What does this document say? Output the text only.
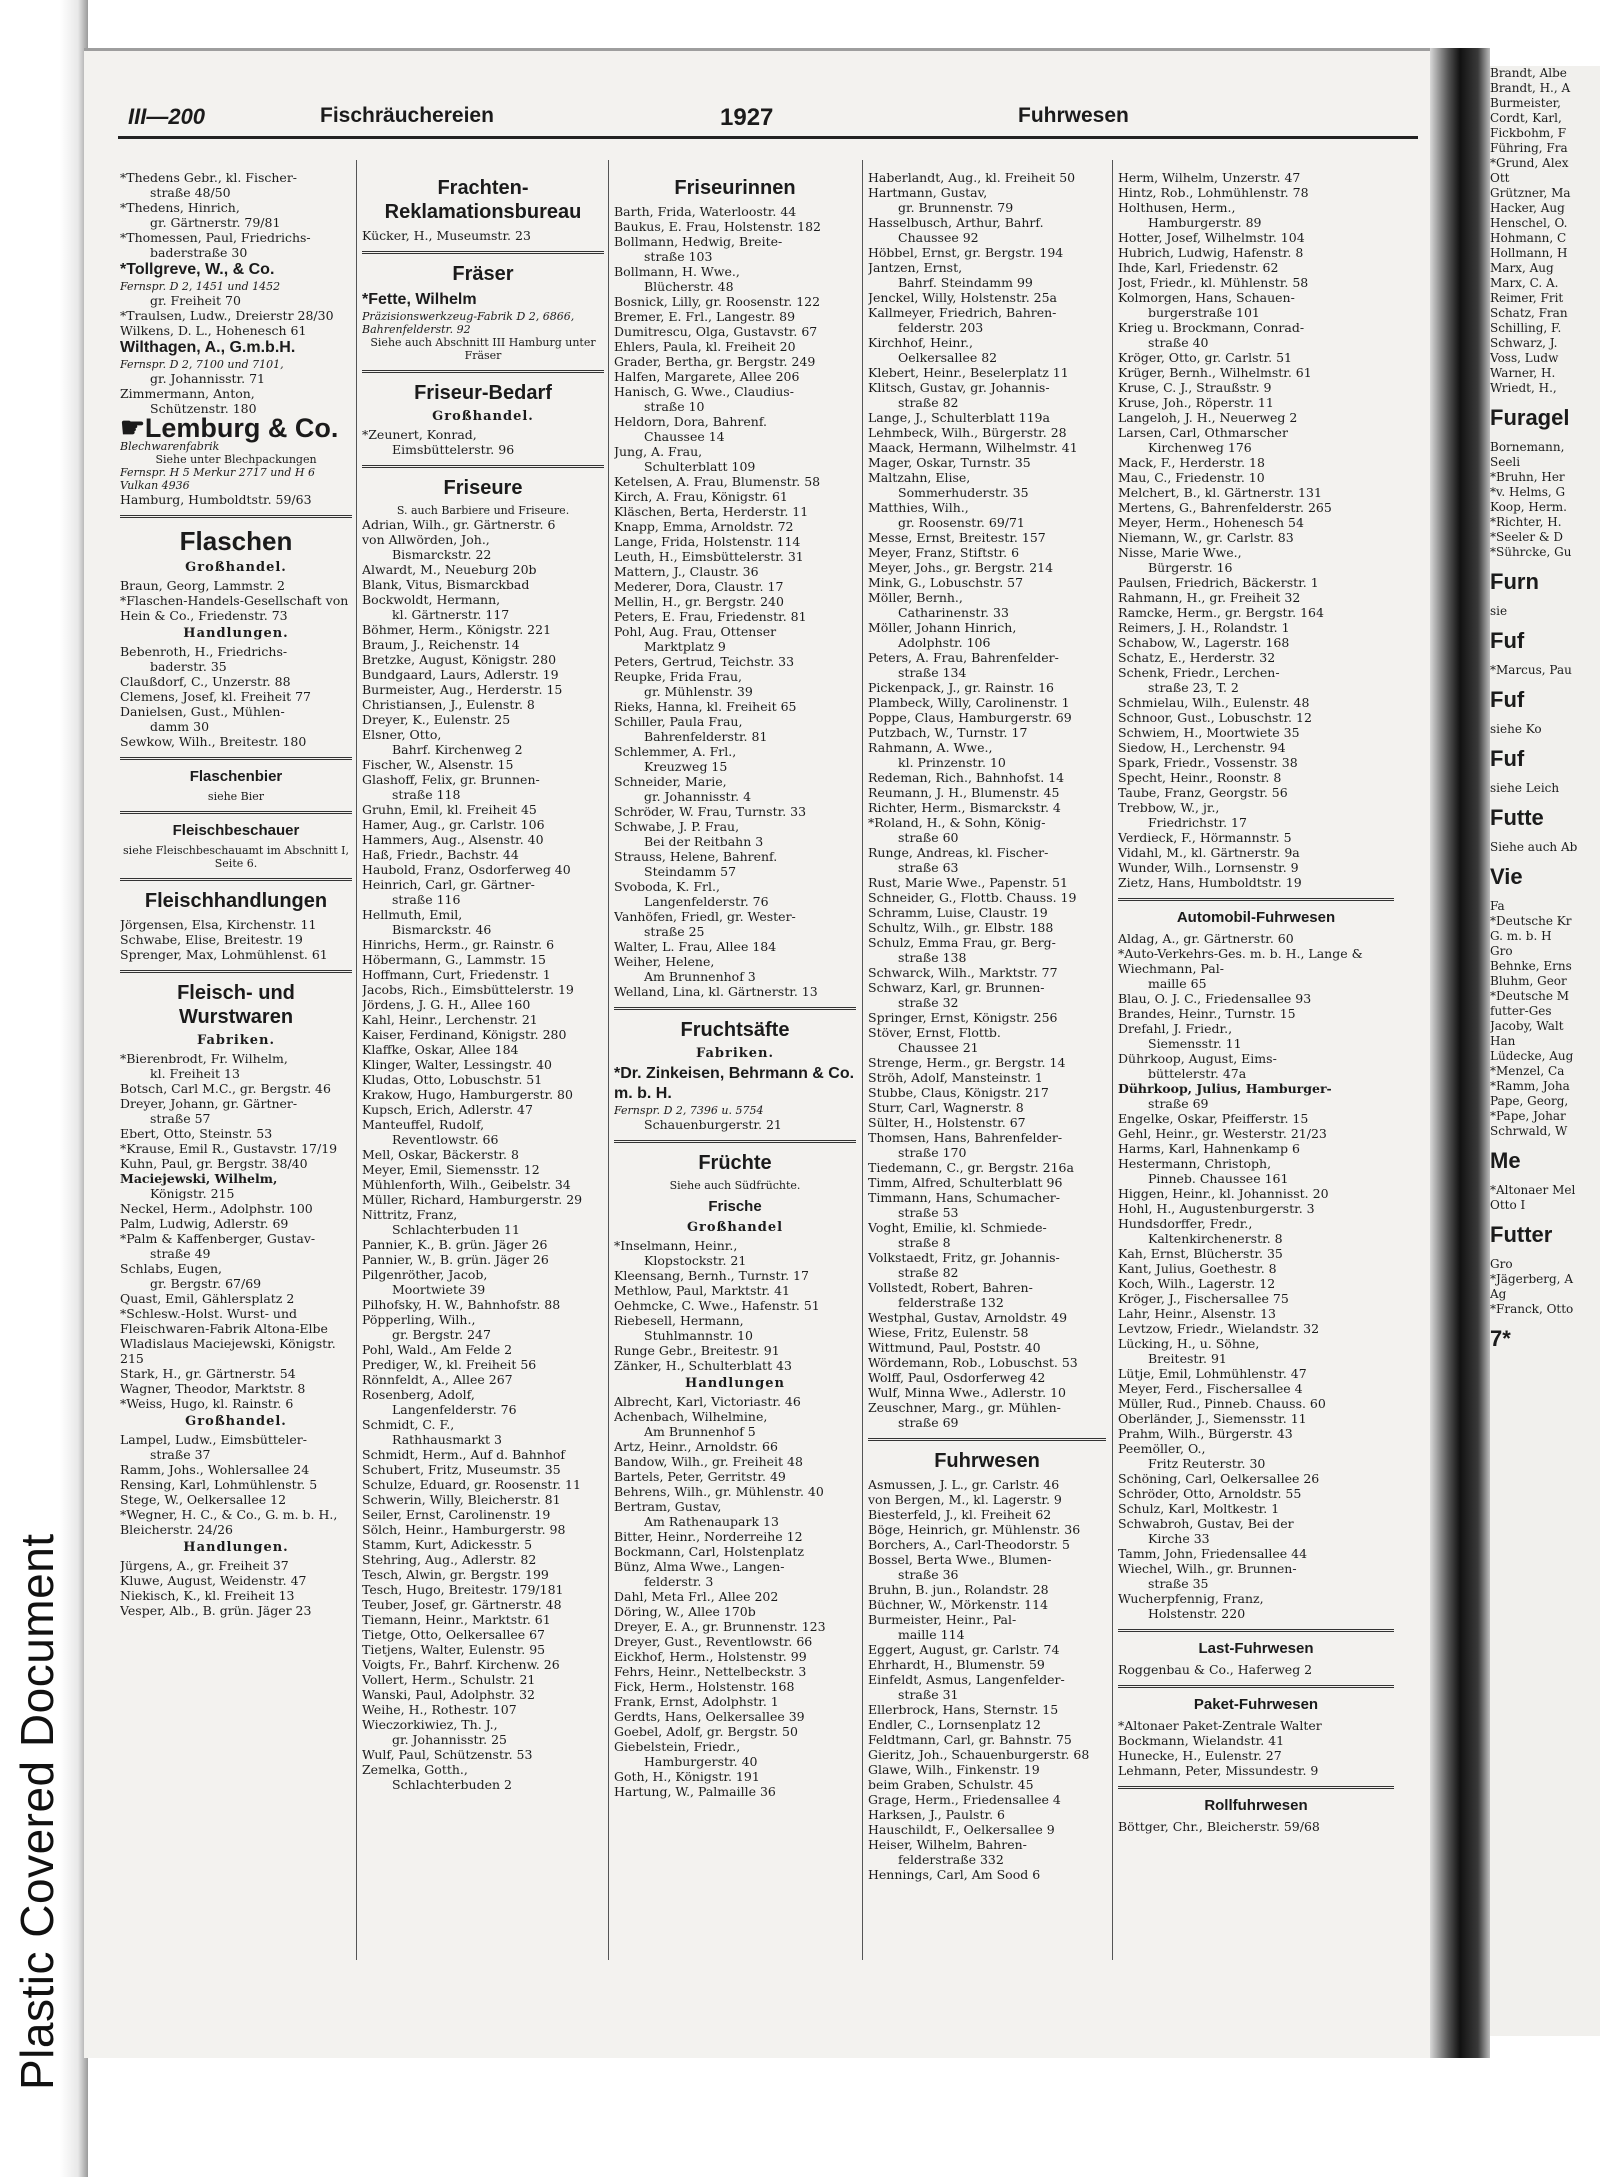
Brandt, Albe
Brandt, H., A
Burmeister,
Cordt, Karl,
Fickbohm, F
Führing, Fra
*Grund, Alex
Ott
Grützner, Ma
Hacker, Aug
Henschel, O.
Hohmann, C
Hollmann, H
Marx, Aug
Marx, C. A.
Reimer, Frit
Schatz, Fran
Schilling, F.
Schwarz, J.
Voss, Ludw
Warner, H.
Wriedt, H.,
Furagel
Bornemann,
Seeli
*Bruhn, Her
*v. Helms, G
Koop, Herm.
*Richter, H.
*Seeler & D
*Sührcke, Gu
Furn
sie
Fuf
*Marcus, Pau
Fuf
siehe Ko
Fuf
siehe Leich
Futte
Siehe auch Ab
Vie
Fa
*Deutsche Kr
G. m. b. H
Gro
Behnke, Erns
Bluhm, Geor
*Deutsche M
futter-Ges
Jacoby, Walt
Han
Lüdecke, Aug
*Menzel, Ca
*Ramm, Joha
Pape, Georg,
*Pape, Johar
Schrwald, W
Me
*Altonaer Mel
Otto I
Futter
Gro
*Jägerberg, A
Ag
*Franck, Otto
7*
Plastic Covered Document
III—200	Fischräuchereien	1927	Fuhrwesen
*Thedens Gebr., kl. Fischer-
straße 48/50
*Thedens, Hinrich,
gr. Gärtnerstr. 79/81
*Thomessen, Paul, Friedrichs-
baderstraße 30
*Tollgreve, W., & Co.
Fernspr. D 2, 1451 und 1452
gr. Freiheit 70
*Traulsen, Ludw., Dreierstr 28/30
Wilkens, D. L., Hohenesch 61
Wilthagen, A., G.m.b.H.
Fernspr. D 2, 7100 und 7101,
gr. Johannisstr. 71
Zimmermann, Anton,
Schützenstr. 180
☛ Lemburg & Co.
Blechwarenfabrik
Siehe unter Blechpackungen
Fernspr. H 5 Merkur 2717 und H 6 Vulkan 4936
Hamburg, Humboldtstr. 59/63
Flaschen
Großhandel.
Braun, Georg, Lammstr. 2
*Flaschen-Handels-Gesellschaft von Hein & Co., Friedenstr. 73
Handlungen.
Bebenroth, H., Friedrichs-
baderstr. 35
Claußdorf, C., Unzerstr. 88
Clemens, Josef, kl. Freiheit 77
Danielsen, Gust., Mühlen-
damm 30
Sewkow, Wilh., Breitestr. 180
Flaschenbier
siehe Bier
Fleischbeschauer
siehe Fleischbeschauamt im Abschnitt I, Seite 6.
Fleischhandlungen
Jörgensen, Elsa, Kirchenstr. 11
Schwabe, Elise, Breitestr. 19
Sprenger, Max, Lohmühlenst. 61
Fleisch- und Wurstwaren
Fabriken.
*Bierenbrodt, Fr. Wilhelm,
kl. Freiheit 13
Botsch, Carl M.C., gr. Bergstr. 46
Dreyer, Johann, gr. Gärtner-
straße 57
Ebert, Otto, Steinstr. 53
*Krause, Emil R., Gustavstr. 17/19
Kuhn, Paul, gr. Bergstr. 38/40
Maciejewski, Wilhelm,
Königstr. 215
Neckel, Herm., Adolphstr. 100
Palm, Ludwig, Adlerstr. 69
*Palm & Kaffenberger, Gustav-
straße 49
Schlabs, Eugen,
gr. Bergstr. 67/69
Quast, Emil, Gählersplatz 2
*Schlesw.-Holst. Wurst- und Fleischwaren-Fabrik Altona-Elbe Wladislaus Maciejewski, Königstr. 215
Stark, H., gr. Gärtnerstr. 54
Wagner, Theodor, Marktstr. 8
*Weiss, Hugo, kl. Rainstr. 6
Großhandel.
Lampel, Ludw., Eimsbütteler-
straße 37
Ramm, Johs., Wohlersallee 24
Rensing, Karl, Lohmühlenstr. 5
Stege, W., Oelkersallee 12
*Wegner, H. C., & Co., G. m. b. H., Bleicherstr. 24/26
Handlungen.
Jürgens, A., gr. Freiheit 37
Kluwe, August, Weidenstr. 47
Niekisch, K., kl. Freiheit 13
Vesper, Alb., B. grün. Jäger 23
Frachten-Reklamationsbureau
Kücker, H., Museumstr. 23
Fräser
*Fette, Wilhelm
Präzisionswerkzeug-Fabrik D 2, 6866, Bahrenfelderstr. 92
Siehe auch Abschnitt III Hamburg unter Fräser
Friseur-Bedarf
Großhandel.
*Zeunert, Konrad,
Eimsbüttelerstr. 96
Friseure
S. auch Barbiere und Friseure.
Adrian, Wilh., gr. Gärtnerstr. 6
von Allwörden, Joh.,
Bismarckstr. 22
Alwardt, M., Neueburg 20b
Blank, Vitus, Bismarckbad
Bockwoldt, Hermann,
kl. Gärtnerstr. 117
Böhmer, Herm., Königstr. 221
Braum, J., Reichenstr. 14
Bretzke, August, Königstr. 280
Bundgaard, Laurs, Adlerstr. 19
Burmeister, Aug., Herderstr. 15
Christiansen, J., Eulenstr. 8
Dreyer, K., Eulenstr. 25
Elsner, Otto,
Bahrf. Kirchenweg 2
Fischer, W., Alsenstr. 15
Glashoff, Felix, gr. Brunnen-
straße 118
Gruhn, Emil, kl. Freiheit 45
Hamer, Aug., gr. Carlstr. 106
Hammers, Aug., Alsenstr. 40
Haß, Friedr., Bachstr. 44
Haubold, Franz, Osdorferweg 40
Heinrich, Carl, gr. Gärtner-
straße 116
Hellmuth, Emil,
Bismarckstr. 46
Hinrichs, Herm., gr. Rainstr. 6
Höbermann, G., Lammstr. 15
Hoffmann, Curt, Friedenstr. 1
Jacobs, Rich., Eimsbüttelerstr. 19
Jördens, J. G. H., Allee 160
Kahl, Heinr., Lerchenstr. 21
Kaiser, Ferdinand, Königstr. 280
Klaffke, Oskar, Allee 184
Klinger, Walter, Lessingstr. 40
Kludas, Otto, Lobuschstr. 51
Krakow, Hugo, Hamburgerstr. 80
Kupsch, Erich, Adlerstr. 47
Manteuffel, Rudolf,
Reventlowstr. 66
Mell, Oskar, Bäckerstr. 8
Meyer, Emil, Siemensstr. 12
Mühlenforth, Wilh., Geibelstr. 34
Müller, Richard, Hamburgerstr. 29
Nittritz, Franz,
Schlachterbuden 11
Pannier, K., B. grün. Jäger 26
Pannier, W., B. grün. Jäger 26
Pilgenröther, Jacob,
Moortwiete 39
Pilhofsky, H. W., Bahnhofstr. 88
Pöpperling, Wilh.,
gr. Bergstr. 247
Pohl, Wald., Am Felde 2
Prediger, W., kl. Freiheit 56
Rönnfeldt, A., Allee 267
Rosenberg, Adolf,
Langenfelderstr. 76
Schmidt, C. F.,
Rathhausmarkt 3
Schmidt, Herm., Auf d. Bahnhof
Schubert, Fritz, Museumstr. 35
Schulze, Eduard, gr. Roosenstr. 11
Schwerin, Willy, Bleicherstr. 81
Seiler, Ernst, Carolinenstr. 19
Sölch, Heinr., Hamburgerstr. 98
Stamm, Kurt, Adickesstr. 5
Stehring, Aug., Adlerstr. 82
Tesch, Alwin, gr. Bergstr. 199
Tesch, Hugo, Breitestr. 179/181
Teuber, Josef, gr. Gärtnerstr. 48
Tiemann, Heinr., Marktstr. 61
Tietge, Otto, Oelkersallee 67
Tietjens, Walter, Eulenstr. 95
Voigts, Fr., Bahrf. Kirchenw. 26
Vollert, Herm., Schulstr. 21
Wanski, Paul, Adolphstr. 32
Weihe, H., Rothestr. 107
Wieczorkiwiez, Th. J.,
gr. Johannisstr. 25
Wulf, Paul, Schützenstr. 53
Zemelka, Gotth.,
Schlachterbuden 2
Friseurinnen
Barth, Frida, Waterloostr. 44
Baukus, E. Frau, Holstenstr. 182
Bollmann, Hedwig, Breite-
straße 103
Bollmann, H. Wwe.,
Blücherstr. 48
Bosnick, Lilly, gr. Roosenstr. 122
Bremer, E. Frl., Langestr. 89
Dumitrescu, Olga, Gustavstr. 67
Ehlers, Paula, kl. Freiheit 20
Grader, Bertha, gr. Bergstr. 249
Halfen, Margarete, Allee 206
Hanisch, G. Wwe., Claudius-
straße 10
Heldorn, Dora, Bahrenf.
Chaussee 14
Jung, A. Frau,
Schulterblatt 109
Ketelsen, A. Frau, Blumenstr. 58
Kirch, A. Frau, Königstr. 61
Kläschen, Berta, Herderstr. 11
Knapp, Emma, Arnoldstr. 72
Lange, Frida, Holstenstr. 114
Leuth, H., Eimsbüttelerstr. 31
Mattern, J., Claustr. 36
Mederer, Dora, Claustr. 17
Mellin, H., gr. Bergstr. 240
Peters, E. Frau, Friedenstr. 81
Pohl, Aug. Frau, Ottenser
Marktplatz 9
Peters, Gertrud, Teichstr. 33
Reupke, Frida Frau,
gr. Mühlenstr. 39
Rieks, Hanna, kl. Freiheit 65
Schiller, Paula Frau,
Bahrenfelderstr. 81
Schlemmer, A. Frl.,
Kreuzweg 15
Schneider, Marie,
gr. Johannisstr. 4
Schröder, W. Frau, Turnstr. 33
Schwabe, J. P. Frau,
Bei der Reitbahn 3
Strauss, Helene, Bahrenf.
Steindamm 57
Svoboda, K. Frl.,
Langenfelderstr. 76
Vanhöfen, Friedl, gr. Wester-
straße 25
Walter, L. Frau, Allee 184
Weiher, Helene,
Am Brunnenhof 3
Welland, Lina, kl. Gärtnerstr. 13
Fruchtsäfte
Fabriken.
*Dr. Zinkeisen, Behrmann & Co. m. b. H.
Fernspr. D 2, 7396 u. 5754
Schauenburgerstr. 21
Früchte
Siehe auch Südfrüchte.
Frische
Großhandel
*Inselmann, Heinr.,
Klopstockstr. 21
Kleensang, Bernh., Turnstr. 17
Methlow, Paul, Marktstr. 41
Oehmcke, C. Wwe., Hafenstr. 51
Riebesell, Hermann,
Stuhlmannstr. 10
Runge Gebr., Breitestr. 91
Zänker, H., Schulterblatt 43
Handlungen
Albrecht, Karl, Victoriastr. 46
Achenbach, Wilhelmine,
Am Brunnenhof 5
Artz, Heinr., Arnoldstr. 66
Bandow, Wilh., gr. Freiheit 48
Bartels, Peter, Gerritstr. 49
Behrens, Wilh., gr. Mühlenstr. 40
Bertram, Gustav,
Am Rathenaupark 13
Bitter, Heinr., Norderreihe 12
Bockmann, Carl, Holstenplatz
Bünz, Alma Wwe., Langen-
felderstr. 3
Dahl, Meta Frl., Allee 202
Döring, W., Allee 170b
Dreyer, E. A., gr. Brunnenstr. 123
Dreyer, Gust., Reventlowstr. 66
Eickhof, Herm., Holstenstr. 99
Fehrs, Heinr., Nettelbeckstr. 3
Fick, Herm., Holstenstr. 168
Frank, Ernst, Adolphstr. 1
Gerdts, Hans, Oelkersallee 39
Goebel, Adolf, gr. Bergstr. 50
Giebelstein, Friedr.,
Hamburgerstr. 40
Goth, H., Königstr. 191
Hartung, W., Palmaille 36
Haberlandt, Aug., kl. Freiheit 50
Hartmann, Gustav,
gr. Brunnenstr. 79
Hasselbusch, Arthur, Bahrf.
Chaussee 92
Höbbel, Ernst, gr. Bergstr. 194
Jantzen, Ernst,
Bahrf. Steindamm 99
Jenckel, Willy, Holstenstr. 25a
Kallmeyer, Friedrich, Bahren-
felderstr. 203
Kirchhof, Heinr.,
Oelkersallee 82
Klebert, Heinr., Beselerplatz 11
Klitsch, Gustav, gr. Johannis-
straße 82
Lange, J., Schulterblatt 119a
Lehmbeck, Wilh., Bürgerstr. 28
Maack, Hermann, Wilhelmstr. 41
Mager, Oskar, Turnstr. 35
Maltzahn, Elise,
Sommerhuderstr. 35
Matthies, Wilh.,
gr. Roosenstr. 69/71
Messe, Ernst, Breitestr. 157
Meyer, Franz, Stiftstr. 6
Meyer, Johs., gr. Bergstr. 214
Mink, G., Lobuschstr. 57
Möller, Bernh.,
Catharinenstr. 33
Möller, Johann Hinrich,
Adolphstr. 106
Peters, A. Frau, Bahrenfelder-
straße 134
Pickenpack, J., gr. Rainstr. 16
Plambeck, Willy, Carolinenstr. 1
Poppe, Claus, Hamburgerstr. 69
Putzbach, W., Turnstr. 17
Rahmann, A. Wwe.,
kl. Prinzenstr. 10
Redeman, Rich., Bahnhofst. 14
Reumann, J. H., Blumenstr. 45
Richter, Herm., Bismarckstr. 4
*Roland, H., & Sohn, König-
straße 60
Runge, Andreas, kl. Fischer-
straße 63
Rust, Marie Wwe., Papenstr. 51
Schneider, G., Flottb. Chauss. 19
Schramm, Luise, Claustr. 19
Schultz, Wilh., gr. Elbstr. 188
Schulz, Emma Frau, gr. Berg-
straße 138
Schwarck, Wilh., Marktstr. 77
Schwarz, Karl, gr. Brunnen-
straße 32
Springer, Ernst, Königstr. 256
Stöver, Ernst, Flottb.
Chaussee 21
Strenge, Herm., gr. Bergstr. 14
Ströh, Adolf, Mansteinstr. 1
Stubbe, Claus, Königstr. 217
Sturr, Carl, Wagnerstr. 8
Sülter, H., Holstenstr. 67
Thomsen, Hans, Bahrenfelder-
straße 170
Tiedemann, C., gr. Bergstr. 216a
Timm, Alfred, Schulterblatt 96
Timmann, Hans, Schumacher-
straße 53
Voght, Emilie, kl. Schmiede-
straße 8
Volkstaedt, Fritz, gr. Johannis-
straße 82
Vollstedt, Robert, Bahren-
felderstraße 132
Westphal, Gustav, Arnoldstr. 49
Wiese, Fritz, Eulenstr. 58
Wittmund, Paul, Poststr. 40
Wördemann, Rob., Lobuschst. 53
Wolff, Paul, Osdorferweg 42
Wulf, Minna Wwe., Adlerstr. 10
Zeuschner, Marg., gr. Mühlen-
straße 69
Fuhrwesen
Asmussen, J. L., gr. Carlstr. 46
von Bergen, M., kl. Lagerstr. 9
Biesterfeld, J., kl. Freiheit 62
Böge, Heinrich, gr. Mühlenstr. 36
Borchers, A., Carl-Theodorstr. 5
Bossel, Berta Wwe., Blumen-
straße 36
Bruhn, B. jun., Rolandstr. 28
Büchner, W., Mörkenstr. 114
Burmeister, Heinr., Pal-
maille 114
Eggert, August, gr. Carlstr. 74
Ehrhardt, H., Blumenstr. 59
Einfeldt, Asmus, Langenfelder-
straße 31
Ellerbrock, Hans, Sternstr. 15
Endler, C., Lornsenplatz 12
Feldtmann, Carl, gr. Bahnstr. 75
Gieritz, Joh., Schauenburgerstr. 68
Glawe, Wilh., Finkenstr. 19
beim Graben, Schulstr. 45
Grage, Herm., Friedensallee 4
Harksen, J., Paulstr. 6
Hauschildt, F., Oelkersallee 9
Heiser, Wilhelm, Bahren-
felderstraße 332
Hennings, Carl, Am Sood 6
Herm, Wilhelm, Unzerstr. 47
Hintz, Rob., Lohmühlenstr. 78
Holthusen, Herm.,
Hamburgerstr. 89
Hotter, Josef, Wilhelmstr. 104
Hubrich, Ludwig, Hafenstr. 8
Ihde, Karl, Friedenstr. 62
Jost, Friedr., kl. Mühlenstr. 58
Kolmorgen, Hans, Schauen-
burgerstraße 101
Krieg u. Brockmann, Conrad-
straße 40
Kröger, Otto, gr. Carlstr. 51
Krüger, Bernh., Wilhelmstr. 61
Kruse, C. J., Straußstr. 9
Kruse, Joh., Röperstr. 11
Langeloh, J. H., Neuerweg 2
Larsen, Carl, Othmarscher
Kirchenweg 176
Mack, F., Herderstr. 18
Mau, C., Friedenstr. 10
Melchert, B., kl. Gärtnerstr. 131
Mertens, G., Bahrenfelderstr. 265
Meyer, Herm., Hohenesch 54
Niemann, W., gr. Carlstr. 83
Nisse, Marie Wwe.,
Bürgerstr. 16
Paulsen, Friedrich, Bäckerstr. 1
Rahmann, H., gr. Freiheit 32
Ramcke, Herm., gr. Bergstr. 164
Reimers, J. H., Rolandstr. 1
Schabow, W., Lagerstr. 168
Schatz, E., Herderstr. 32
Schenk, Friedr., Lerchen-
straße 23, T. 2
Schmielau, Wilh., Eulenstr. 48
Schnoor, Gust., Lobuschstr. 12
Schwiem, H., Moortwiete 35
Siedow, H., Lerchenstr. 94
Spark, Friedr., Vossenstr. 38
Specht, Heinr., Roonstr. 8
Taube, Franz, Georgstr. 56
Trebbow, W., jr.,
Friedrichstr. 17
Verdieck, F., Hörmannstr. 5
Vidahl, M., kl. Gärtnerstr. 9a
Wunder, Wilh., Lornsenstr. 9
Zietz, Hans, Humboldtstr. 19
Automobil-Fuhrwesen
Aldag, A., gr. Gärtnerstr. 60
*Auto-Verkehrs-Ges. m. b. H., Lange & Wiechmann, Pal-
maille 65
Blau, O. J. C., Friedensallee 93
Brandes, Heinr., Turnstr. 15
Drefahl, J. Friedr.,
Siemensstr. 11
Dührkoop, August, Eims-
büttelerstr. 47a
Dührkoop, Julius, Hamburger-
straße 69
Engelke, Oskar, Pfeifferstr. 15
Gehl, Heinr., gr. Westerstr. 21/23
Harms, Karl, Hahnenkamp 6
Hestermann, Christoph,
Pinneb. Chaussee 161
Higgen, Heinr., kl. Johannisst. 20
Hohl, H., Augustenburgerstr. 3
Hundsdorffer, Fredr.,
Kaltenkirchenerstr. 8
Kah, Ernst, Blücherstr. 35
Kant, Julius, Goethestr. 8
Koch, Wilh., Lagerstr. 12
Kröger, J., Fischersallee 75
Lahr, Heinr., Alsenstr. 13
Levtzow, Friedr., Wielandstr. 32
Lücking, H., u. Söhne,
Breitestr. 91
Lütje, Emil, Lohmühlenstr. 47
Meyer, Ferd., Fischersallee 4
Müller, Rud., Pinneb. Chauss. 60
Oberländer, J., Siemensstr. 11
Prahm, Wilh., Bürgerstr. 43
Peemöller, O.,
Fritz Reuterstr. 30
Schöning, Carl, Oelkersallee 26
Schröder, Otto, Arnoldstr. 55
Schulz, Karl, Moltkestr. 1
Schwabroh, Gustav, Bei der
Kirche 33
Tamm, John, Friedensallee 44
Wiechel, Wilh., gr. Brunnen-
straße 35
Wucherpfennig, Franz,
Holstenstr. 220
Last-Fuhrwesen
Roggenbau & Co., Haferweg 2
Paket-Fuhrwesen
*Altonaer Paket-Zentrale Walter Bockmann, Wielandstr. 41
Hunecke, H., Eulenstr. 27
Lehmann, Peter, Missundestr. 9
Rollfuhrwesen
Böttger, Chr., Bleicherstr. 59/68
